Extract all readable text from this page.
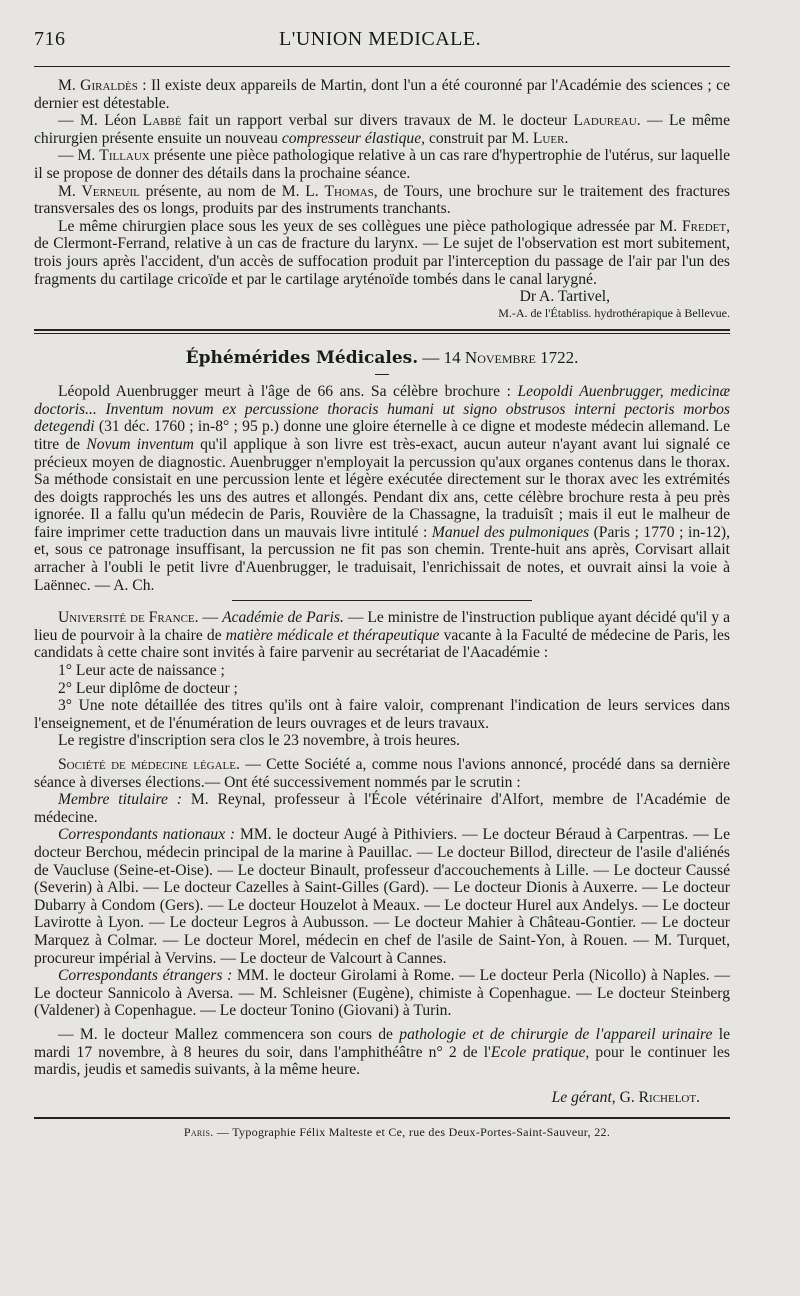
716	L'UNION MEDICALE.

M. Giraldès : Il existe deux appareils de Martin, dont l'un a été couronné par l'Académie des sciences ; ce dernier est détestable.

— M. Léon Labbé fait un rapport verbal sur divers travaux de M. le docteur Ladureau. — Le même chirurgien présente ensuite un nouveau compresseur élastique, construit par M. Luer.

— M. Tillaux présente une pièce pathologique relative à un cas rare d'hypertrophie de l'utérus, sur laquelle il se propose de donner des détails dans la prochaine séance.

M. Verneuil présente, au nom de M. L. Thomas, de Tours, une brochure sur le traitement des fractures transversales des os longs, produits par des instruments tranchants.

Le même chirurgien place sous les yeux de ses collègues une pièce pathologique adressée par M. Fredet, de Clermont-Ferrand, relative à un cas de fracture du larynx. — Le sujet de l'observation est mort subitement, trois jours après l'accident, d'un accès de suffocation produit par l'interception du passage de l'air par l'un des fragments du cartilage cricoïde et par le cartilage aryténoïde tombés dans le canal larygné.

Dr A. Tartivel,
M.-A. de l'Établiss. hydrothérapique à Bellevue.
Éphémérides Médicales. — 14 Novembre 1722.

Léopold Auenbrugger meurt à l'âge de 66 ans. Sa célèbre brochure : Leopoldi Auenbrugger, medicinæ doctoris... Inventum novum ex percussione thoracis humani ut signo obstrusos interni pectoris morbos detegendi (31 déc. 1760 ; in-8° ; 95 p.) donne une gloire éternelle à ce digne et modeste médecin allemand. Le titre de Novum inventum qu'il applique à son livre est très-exact, aucun auteur n'ayant avant lui signalé ce précieux moyen de diagnostic. Auenbrugger n'employait la percussion qu'aux organes contenus dans le thorax. Sa méthode consistait en une percussion lente et légère exécutée directement sur le thorax avec les extrémités des doigts rapprochés les uns des autres et allongés. Pendant dix ans, cette célèbre brochure resta à peu près ignorée. Il a fallu qu'un médecin de Paris, Rouvière de la Chassagne, la traduisît ; mais il eut le malheur de faire imprimer cette traduction dans un mauvais livre intitulé : Manuel des pulmoniques (Paris ; 1770 ; in-12), et, sous ce patronage insuffisant, la percussion ne fit pas son chemin. Trente-huit ans après, Corvisart allait arracher à l'oubli le petit livre d'Auenbrugger, le traduisait, l'enrichissait de notes, et ouvrait ainsi la voie à Laënnec. — A. Ch.

Université de France. — Académie de Paris. — Le ministre de l'instruction publique ayant décidé qu'il y a lieu de pourvoir à la chaire de matière médicale et thérapeutique vacante à la Faculté de médecine de Paris, les candidats à cette chaire sont invités à faire parvenir au secrétariat de l'Aacadémie :

1° Leur acte de naissance ;

2° Leur diplôme de docteur ;

3° Une note détaillée des titres qu'ils ont à faire valoir, comprenant l'indication de leurs services dans l'enseignement, et de l'énumération de leurs ouvrages et de leurs travaux.

Le registre d'inscription sera clos le 23 novembre, à trois heures.

Société de médecine légale. — Cette Société a, comme nous l'avions annoncé, procédé dans sa dernière séance à diverses élections.— Ont été successivement nommés par le scrutin :

Membre titulaire : M. Reynal, professeur à l'École vétérinaire d'Alfort, membre de l'Académie de médecine.

Correspondants nationaux : MM. le docteur Augé à Pithiviers. — Le docteur Béraud à Carpentras. — Le docteur Berchou, médecin principal de la marine à Pauillac. — Le docteur Billod, directeur de l'asile d'aliénés de Vaucluse (Seine-et-Oise). — Le docteur Binault, professeur d'accouchements à Lille. — Le docteur Caussé (Severin) à Albi. — Le docteur Cazelles à Saint-Gilles (Gard). — Le docteur Dionis à Auxerre. — Le docteur Dubarry à Condom (Gers). — Le docteur Houzelot à Meaux. — Le docteur Hurel aux Andelys. — Le docteur Lavirotte à Lyon. — Le docteur Legros à Aubusson. — Le docteur Mahier à Château-Gontier. — Le docteur Marquez à Colmar. — Le docteur Morel, médecin en chef de l'asile de Saint-Yon, à Rouen. — M. Turquet, procureur impérial à Vervins. — Le docteur de Valcourt à Cannes.

Correspondants étrangers : MM. le docteur Girolami à Rome. — Le docteur Perla (Nicollo) à Naples. — Le docteur Sannicolo à Aversa. — M. Schleisner (Eugène), chimiste à Copenhague. — Le docteur Steinberg (Valdener) à Copenhague. — Le docteur Tonino (Giovani) à Turin.

— M. le docteur Mallez commencera son cours de pathologie et de chirurgie de l'appareil urinaire le mardi 17 novembre, à 8 heures du soir, dans l'amphithéâtre n° 2 de l'Ecole pratique, pour le continuer les mardis, jeudis et samedis suivants, à la même heure.

Le gérant, G. Richelot.
Paris. — Typographie Félix Malteste et Ce, rue des Deux-Portes-Saint-Sauveur, 22.
